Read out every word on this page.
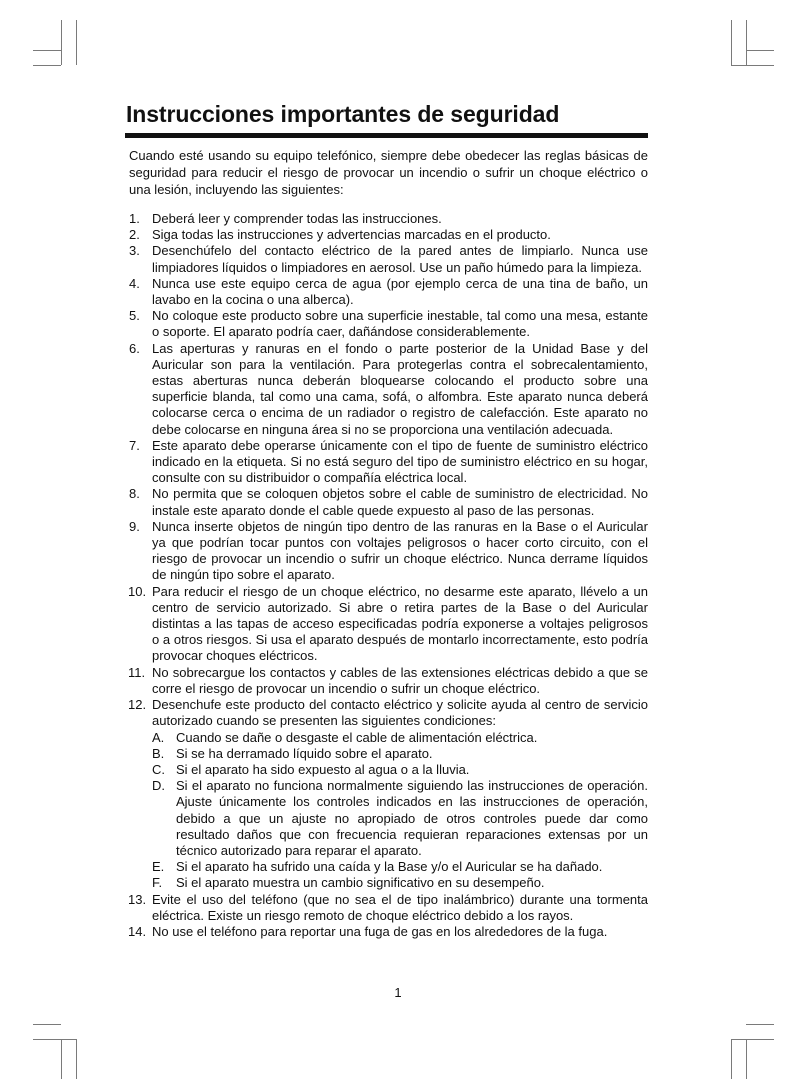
Instrucciones importantes de seguridad

Cuando esté usando su equipo telefónico, siempre debe obedecer las reglas básicas de seguridad para reducir el riesgo de provocar un incendio o sufrir un choque eléctrico o una lesión, incluyendo las siguientes:

1. Deberá leer y comprender todas las instrucciones.
2. Siga todas las instrucciones y advertencias marcadas en el producto.
3. Desenchúfelo del contacto eléctrico de la pared antes de limpiarlo. Nunca use limpiadores líquidos o limpiadores en aerosol. Use un paño húmedo para la limpieza.
4. Nunca use este equipo cerca de agua (por ejemplo cerca de una tina de baño, un lavabo en la cocina o una alberca).
5. No coloque este producto sobre una superficie inestable, tal como una mesa, estante o soporte. El aparato podría caer, dañándose considerablemente.
6. Las aperturas y ranuras en el fondo o parte posterior de la Unidad Base y del Auricular son para la ventilación. Para protegerlas contra el sobrecalentamiento, estas aberturas nunca deberán bloquearse colocando el producto sobre una superficie blanda, tal como una cama, sofá, o alfombra. Este aparato nunca deberá colocarse cerca o encima de un radiador o registro de calefacción. Este aparato no debe colocarse en ninguna área si no se proporciona una ventilación adecuada.
7. Este aparato debe operarse únicamente con el tipo de fuente de suministro eléctrico indicado en la etiqueta. Si no está seguro del tipo de suministro eléctrico en su hogar, consulte con su distribuidor o compañía eléctrica local.
8. No permita que se coloquen objetos sobre el cable de suministro de electricidad. No instale este aparato donde el cable quede expuesto al paso de las personas.
9. Nunca inserte objetos de ningún tipo dentro de las ranuras en la Base o el Auricular ya que podrían tocar puntos con voltajes peligrosos o hacer corto circuito, con el riesgo de provocar un incendio o sufrir un choque eléctrico. Nunca derrame líquidos de ningún tipo sobre el aparato.
10. Para reducir el riesgo de un choque eléctrico, no desarme este aparato, llévelo a un centro de servicio autorizado. Si abre o retira partes de la Base o del Auricular distintas a las tapas de acceso especificadas podría exponerse a voltajes peligrosos o a otros riesgos. Si usa el aparato después de montarlo incorrectamente, esto podría provocar choques eléctricos.
11. No sobrecargue los contactos y cables de las extensiones eléctricas debido a que se corre el riesgo de provocar un incendio o sufrir un choque eléctrico.
12. Desenchufe este producto del contacto eléctrico y solicite ayuda al centro de servicio autorizado cuando se presenten las siguientes condiciones:
A. Cuando se dañe o desgaste el cable de alimentación eléctrica.
B. Si se ha derramado líquido sobre el aparato.
C. Si el aparato ha sido expuesto al agua o a la lluvia.
D. Si el aparato no funciona normalmente siguiendo las instrucciones de operación. Ajuste únicamente los controles indicados en las instrucciones de operación, debido a que un ajuste no apropiado de otros controles puede dar como resultado daños que con frecuencia requieran reparaciones extensas por un técnico autorizado para reparar el aparato.
E. Si el aparato ha sufrido una caída y la Base y/o el Auricular se ha dañado.
F. Si el aparato muestra un cambio significativo en su desempeño.
13. Evite el uso del teléfono (que no sea el de tipo inalámbrico) durante una tormenta eléctrica. Existe un riesgo remoto de choque eléctrico debido a los rayos.
14. No use el teléfono para reportar una fuga de gas en los alrededores de la fuga.
1
